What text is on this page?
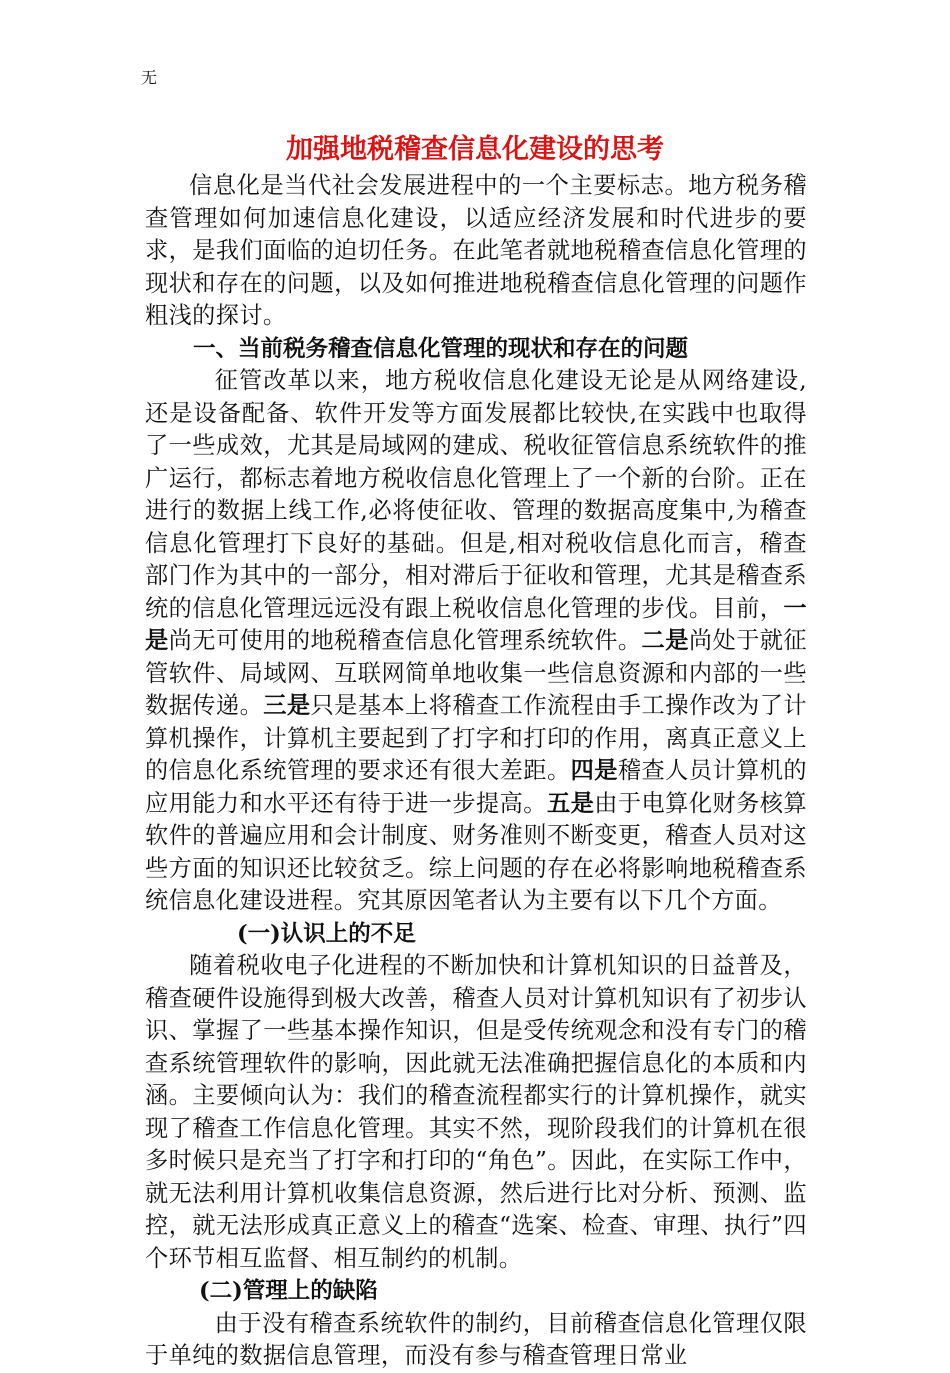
无
加强地税稽查信息化建设的思考

信息化是当代社会发展进程中的一个主要标志。地方税务稽查管理如何加速信息化建设，以适应经济发展和时代进步的要求，是我们面临的迫切任务。在此笔者就地税稽查信息化管理的现状和存在的问题，以及如何推进地税稽查信息化管理的问题作粗浅的探讨。

一、当前税务稽查信息化管理的现状和存在的问题

征管改革以来，地方税收信息化建设无论是从网络建设,还是设备配备、软件开发等方面发展都比较快,在实践中也取得了一些成效，尤其是局域网的建成、税收征管信息系统软件的推广运行，都标志着地方税收信息化管理上了一个新的台阶。正在进行的数据上线工作,必将使征收、管理的数据高度集中,为稽查信息化管理打下良好的基础。但是,相对税收信息化而言，稽查部门作为其中的一部分，相对滞后于征收和管理，尤其是稽查系统的信息化管理远远没有跟上税收信息化管理的步伐。目前，一是尚无可使用的地税稽查信息化管理系统软件。二是尚处于就征管软件、局域网、互联网简单地收集一些信息资源和内部的一些数据传递。三是只是基本上将稽查工作流程由手工操作改为了计算机操作，计算机主要起到了打字和打印的作用，离真正意义上的信息化系统管理的要求还有很大差距。四是稽查人员计算机的应用能力和水平还有待于进一步提高。五是由于电算化财务核算软件的普遍应用和会计制度、财务准则不断变更，稽查人员对这些方面的知识还比较贫乏。综上问题的存在必将影响地税稽查系统信息化建设进程。究其原因笔者认为主要有以下几个方面。

(一)认识上的不足

随着税收电子化进程的不断加快和计算机知识的日益普及，稽查硬件设施得到极大改善，稽查人员对计算机知识有了初步认识、掌握了一些基本操作知识，但是受传统观念和没有专门的稽查系统管理软件的影响，因此就无法准确把握信息化的本质和内涵。主要倾向认为：我们的稽查流程都实行的计算机操作，就实现了稽查工作信息化管理。其实不然，现阶段我们的计算机在很多时候只是充当了打字和打印的“角色”。因此，在实际工作中，就无法利用计算机收集信息资源，然后进行比对分析、预测、监控，就无法形成真正意义上的稽查“选案、检查、审理、执行”四个环节相互监督、相互制约的机制。

(二)管理上的缺陷

由于没有稽查系统软件的制约，目前稽查信息化管理仅限于单纯的数据信息管理，而没有参与稽查管理日常业
